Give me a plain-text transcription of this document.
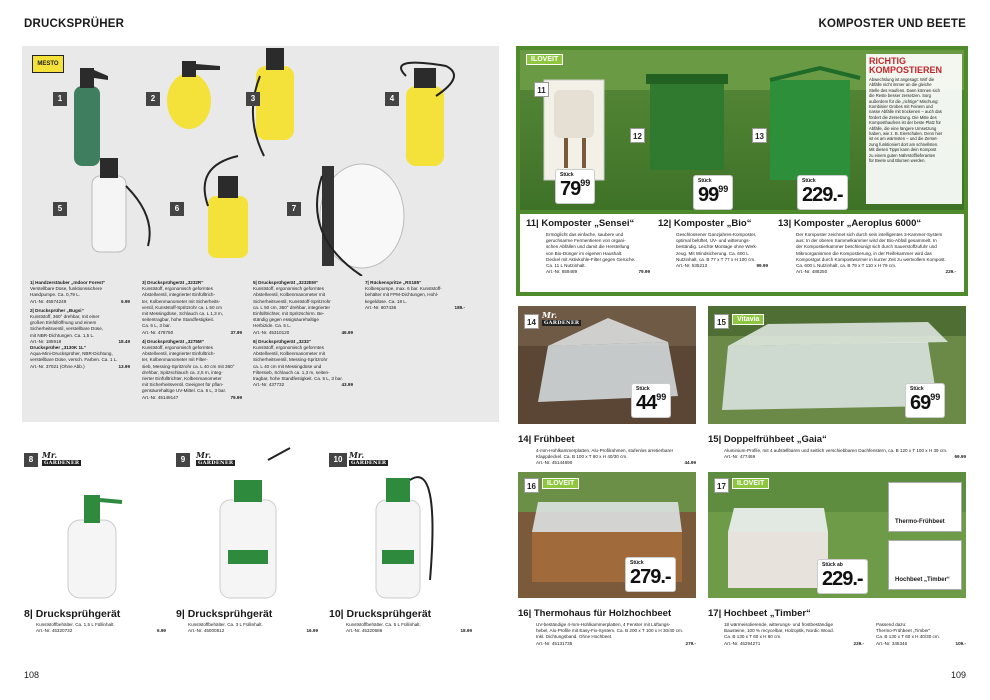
DRUCKSPRÜHER	KOMPOSTER UND BEETE
MESTO
1	2	3	4
5	6	7
1| Handzerstäuber „Indoor Forest“
Verstellbare Düse, funktionssichere
Handpumpe. Ca. 0,79 L.
Art.-Nr. 45574249	6.99
2| Drucksprüher „Bugsi“
Kunststoff, 360° drehbar, mit einer
großen Einfüllöffnung und einem
Sicherheitsventil, verstellbare Düse,
mit NBR-Dichtungen. Ca. 1,5 L.
Art.-Nr. 185918	18.49
Drucksprüher „3130K 1L“
Aqua-Mini-Drucksprüher, NBR-Dichtung,
verstellbare Düse, versch. Farben. Ca. 1 L.
Art.-Nr. 37021 (Ohne Abb.)	13.99
3| Drucksprühgerät „3232R“
Kunststoff, ergonomisch geformtes
Abstellventil, integrierter Einfülltrich-
ter, Kolbenmanometer mit Sicherheits-
ventil, Kunststoff-Spritzrohr ca. L 50 cm
mit Messingdüse, Schlauch ca. L 1,3 m,
seitentragbar, hohe Standfestigkeit.
Ca. 5 L, 3 bar.
Art.-Nr. 478750	37.99
4| Drucksprühgerät „3275M“
Kunststoff, ergonomisch geformtes
Abstellventil, integrierter Einfülltrich-
ter, Kolbenmanometer mit Filter-
sieb, Messing-Spritzrohr ca. L 40 cm mit 360°
drehbar, Spitzschlauch ca. 2,5 m, integ-
rierter Einfülltrichter, Kolbenmanometer
mit Sicherheitsventil. Geeignet für pflan-
gensäurehaltige UV-Mittel. Ca. 5 L, 3 bar.
Art.-Nr. 45149147	79.99
5| Drucksprühgerät „3232EM“
Kunststoff, ergonomisch geformtes
Abstellventil, Kolbenmanometer mit
Sicherheitsventil, Kunststoff-Spritzrohr
ca. L 50 cm, 360° drehbar, integrierter
Einfülltrichter, mit Spritzschirm. Be-
ständig gegen essigsäurehaltige
Herbizide. Ca. 5 L.
Art.-Nr. 45310120	46.99
6| Drucksprühgerät „3232“
Kunststoff, ergonomisch geformtes
Abstellventil, Kolbenmanometer mit
Sicherheitsventil, Messing-Spritzrohr
ca. L 40 cm mit Messingdüse und
Filtersieb, Schlauch ca. 1,3 m, seiten-
tragbar, hohe Standfestigkeit. Ca. 5 L, 3 bar.
Art.-Nr. 437732	43.99
7| Rückenspritze „RS185“
Kolbenpumpe, max. 6 bar. Kunststoff-
behälter mit FPM-Dichtungen, Hohl-
kegeldüse. Ca. 18 L.
Art.-Nr. 807436	189.-
8	Mr.
GARDENER	9	Mr.
GARDENER	10 Mr.
GARDENER
8| Drucksprühgerät
Kunststoffbehälter. Ca. 1,5 L Füllinhalt.
Art.-Nr. 45320732	6.99
9| Drucksprühgerät
Kunststoffbehälter. Ca. 3 L Füllinhalt.
Art.-Nr. 45000812	16.99
10| Drucksprühgerät
Kunststoffbehälter. Ca. 5 L Füllinhalt.
Art.-Nr. 45320686	18.99
ILOVEIT
11
12	13
RICHTIG
KOMPOSTIEREN
Abwechslung ist angesagt: Wirf die
Abfälle nicht immer an die gleiche
Stelle des Haufens. Dann können sich
die Reste besser zersetzen. Sorg
außerdem für die „richtige“ Mischung:
Kombinier Grobes mit Feinem und
nasse Abfälle mit trockenen – auch das
fördert die Zersetzung. Die Mitte des
Komposthaufens ist der beste Platz für
Abfälle, die eine längere Umsetzung
haben, wie z. B. Eierschalen. Denn hier
ist es am wärmsten – und die Zerset-
zung funktioniert dort am schnellsten.
Mit diesen Tipps kann dein Kompost
zu einem guten Nährstofflieferanten
für Beete und Blumen werden.
Stück
$79^{99}$	Stück
$99^{99}$
Stück
229.-
11| Komposter „Sensei“
Ermöglicht das einfache, saubere und
geruchsarme Fermentieren von organi-
schen Abfällen und damit die Herstellung
von Bio-Dünger im eigenen Haushalt.
Deckel mit Aktivkohle-Filter gegen Gerüche.
Ca. 11 L Nutzinhalt.
Art.-Nr. 859489	79.99
12| Komposter „Bio“
Geschlossener Ganzjahres-Komposter,
optimal belüftet, UV- und witterungs-
beständig. Leichte Montage ohne Werk-
zeug. Mit Windsicherung. Ca. 600 L
Nutzinhalt, ca. B 77 x T 77 x H 100 cm.
Art.-Nr. 535213	99.99
13| Komposter „Aeroplus 6000“
Der Komposter zeichnet sich durch sein intelligentes 3-Kammer-System
aus: In der oberen Sammelkammer wird der Bio-Abfall gesammelt. In
der Kompostierkammer beschleunigt sich durch Sauerstoffzufuhr und
Mikroorganismen die Kompostierung, in der Reifekammer wird das
Kompostgut durch Kompostwürmer in kurzer Zeit zu wertvollem Kompost.
Ca. 600 L Nutzinhalt, ca. B 79 x T 110 x H 79 cm.
Art.-Nr. 488250	229.-
14
Mr.
GARDENER
Stück
$44^{99}$
15	Vitavia
Stück
$69^{99}$
14| Frühbeet
4-mm-Hohlkammerplatten, Alu-Profilrahmen, stufenlos arretierbarer
Klappdeckel. Ca. B 100 x T 60 x H 40/30 cm.
Art.-Nr. 45144690	44.99
15| Doppelfrühbeet „Gaia“
Aluminium-Profile, mit 4 aufstellbaren und seitlich verschiebbaren Dachfenstern, ca. B 120 x T 100 x H 39 cm.
Art.-Nr. 477469	69.99
16	ILOVEIT
Stück
279.-
17	ILOVEIT
Thermo-Frühbeet
Hochbeet „Timber“
Stück ab
229.-
16| Thermohaus für Holzhochbeet
UV-beständige 4-mm-Hohlkammerplatten, 4 Fenster mit Lüftungs-
hebel, Alu-Profile mit Easy-Fix-System. Ca. B 200 x T 100 x H 30/40 cm.
Inkl. Dichtungsband. Ohne Hochbeet.
Art.-Nr. 45131735	279.-
17| Hochbeet „Timber“
18 wärmeisolierende, witterungs- und frostbeständige
Bausteine, 100 % recycelbar, Holzoptik, Nordic Wood.
Ca. B 130 x T 60 x H 60 cm.
Art.-Nr. 45294271	229.-
Passend dazu:
Thermo-Frühbeet „Timber“
Ca. B 130 x T 60 x H 40/30 cm.
Art.-Nr. 345346	109.-
108	109
